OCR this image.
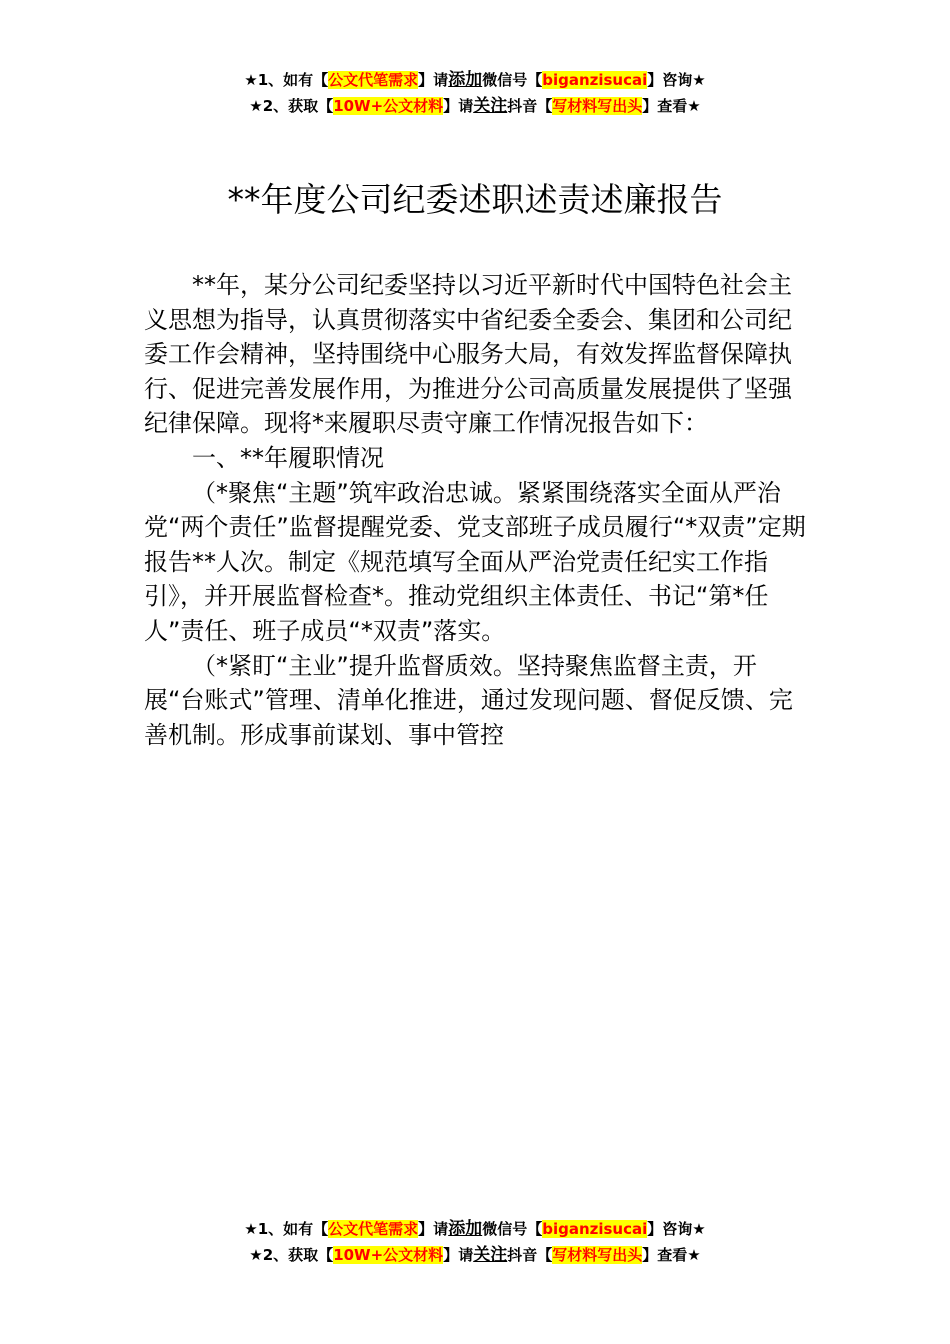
★1、如有【公文代笔需求】请添加微信号【biganzisucai】咨询★
★2、获取【10W+公文材料】请关注抖音【写材料写出头】查看★
**年度公司纪委述职述责述廉报告

**年，某分公司纪委坚持以习近平新时代中国特色社会主义思想为指导，认真贯彻落实中省纪委全委会、集团和公司纪委工作会精神，坚持围绕中心服务大局，有效发挥监督保障执行、促进完善发展作用，为推进分公司高质量发展提供了坚强纪律保障。现将*来履职尽责守廉工作情况报告如下：

一、**年履职情况

（*聚焦“主题”筑牢政治忠诚。紧紧围绕落实全面从严治党“两个责任”监督提醒党委、党支部班子成员履行“*双责”定期报告**人次。制定《规范填写全面从严治党责任纪实工作指引》，并开展监督检查*。推动党组织主体责任、书记“第*任人”责任、班子成员“*双责”落实。

（*紧盯“主业”提升监督质效。坚持聚焦监督主责，开展“台账式”管理、清单化推进，通过发现问题、督促反馈、完善机制。形成事前谋划、事中管控

★1、如有【公文代笔需求】请添加微信号【biganzisucai】咨询★
★2、获取【10W+公文材料】请关注抖音【写材料写出头】查看★
